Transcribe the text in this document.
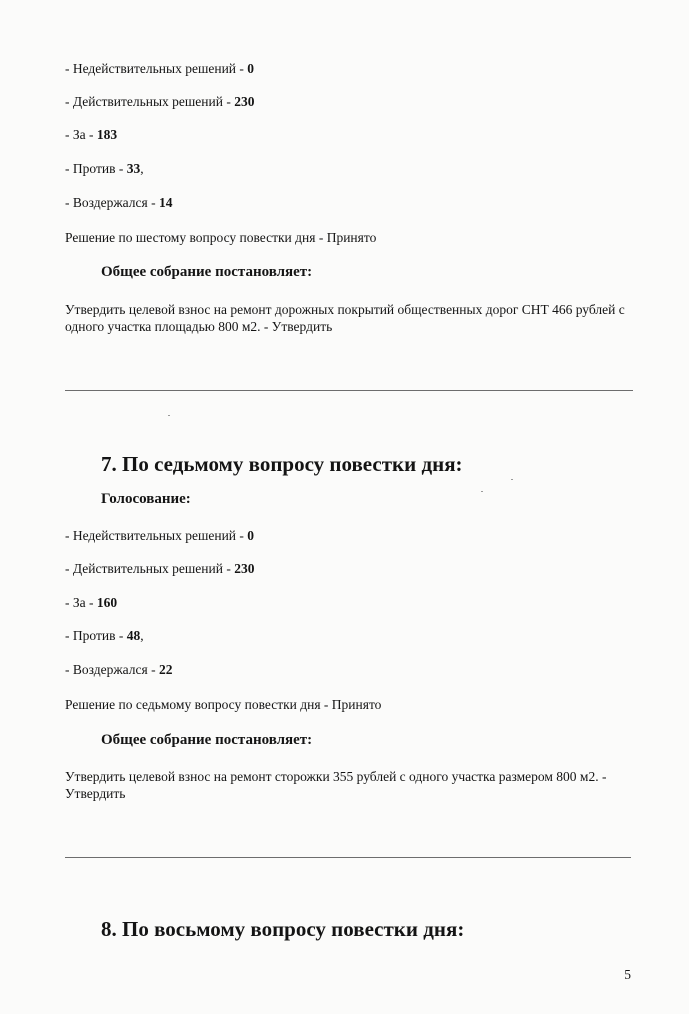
- Недействительных решений - 0
- Действительных решений - 230
- За - 183
- Против - 33,
- Воздержался - 14
Решение по шестому вопросу повестки дня - Принято
Общее собрание постановляет:
Утвердить целевой взнос на ремонт дорожных покрытий общественных дорог СНТ 466 рублей с одного участка площадью 800 м2. - Утвердить
7. По седьмому вопросу повестки дня:
Голосование:
- Недействительных решений - 0
- Действительных решений - 230
- За - 160
- Против - 48,
- Воздержался - 22
Решение по седьмому вопросу повестки дня - Принято
Общее собрание постановляет:
Утвердить целевой взнос на ремонт сторожки 355 рублей с одного участка размером 800 м2. - Утвердить
8. По восьмому вопросу повестки дня:
5
